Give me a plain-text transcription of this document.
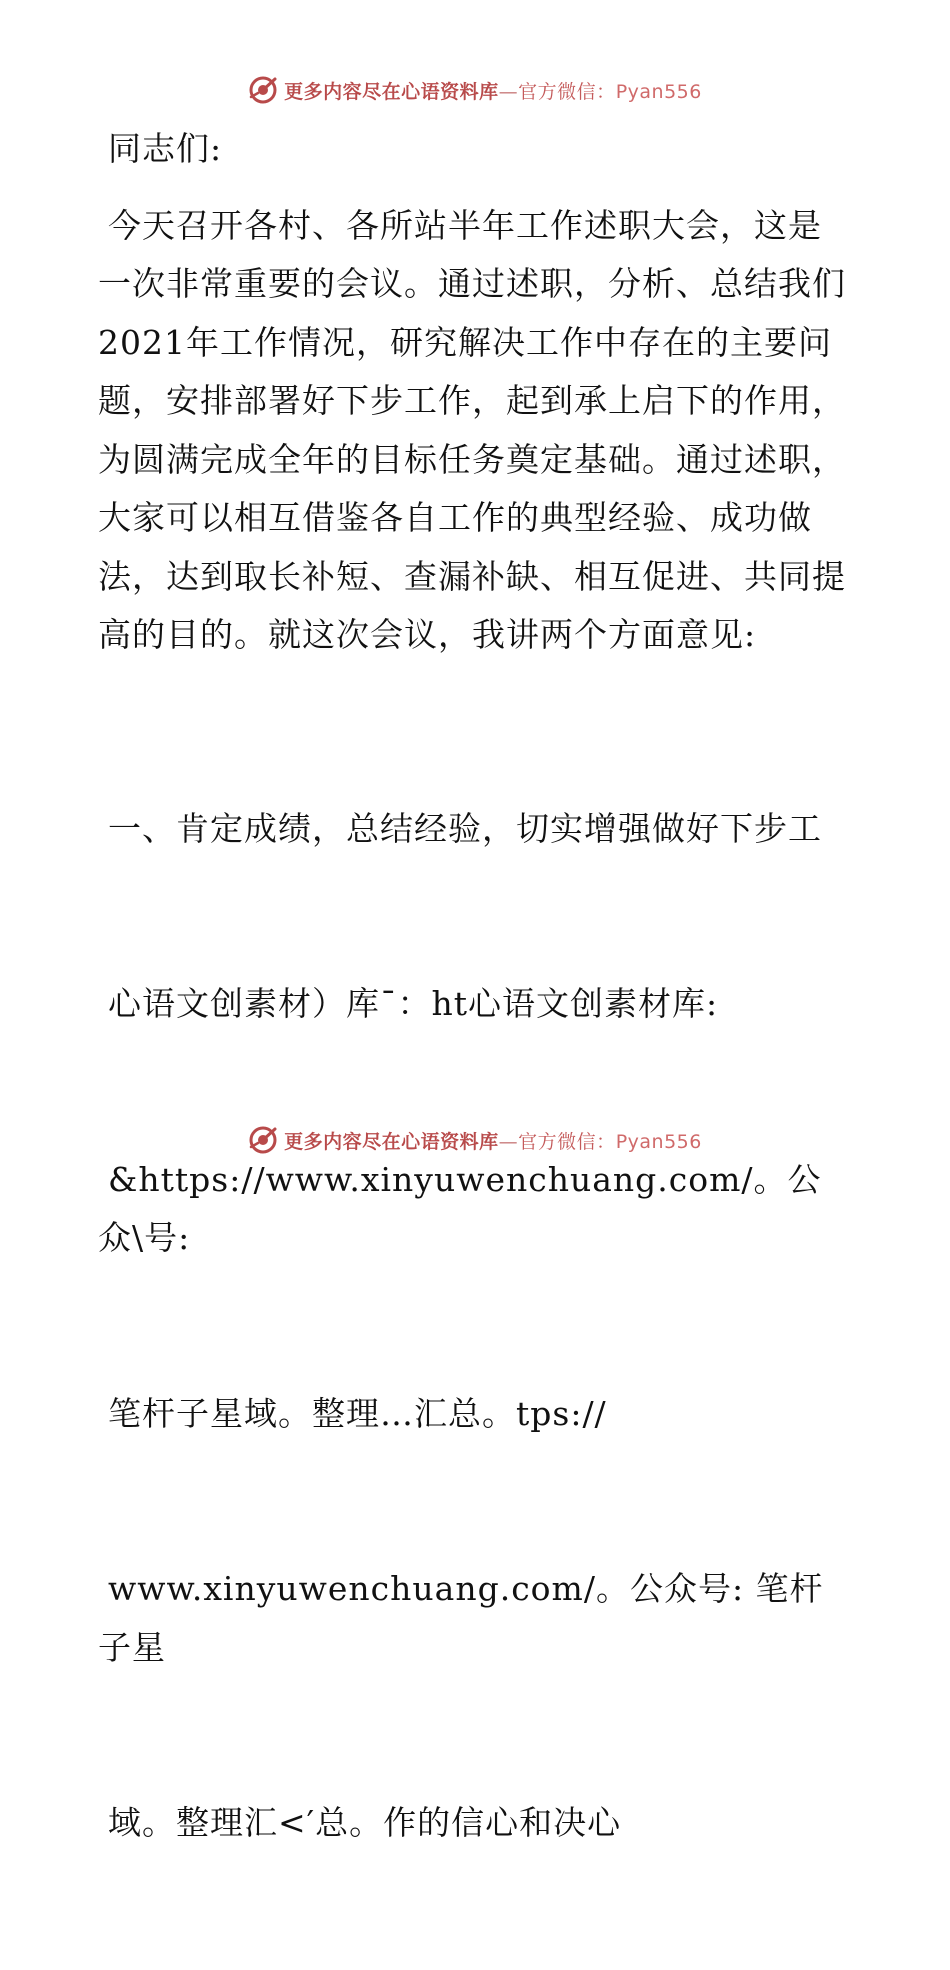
更多内容尽在心语资料库—官方微信：Pyan556

同志们:

今天召开各村、各所站半年工作述职大会，这是一次非常重要的会议。通过述职，分析、总结我们2021年工作情况，研究解决工作中存在的主要问题，安排部署好下步工作，起到承上启下的作用，为圆满完成全年的目标任务奠定基础。通过述职，大家可以相互借鉴各自工作的典型经验、成功做法，达到取长补短、查漏补缺、相互促进、共同提高的目的。就这次会议，我讲两个方面意见:

一、肯定成绩，总结经验，切实增强做好下步工

心语文创素材）库¯：ht心语文创素材库:

&https://www.xinyuwenchuang.com/。公众\号:

笔杆子星域。整理…汇总。tps://

www.xinyuwenchuang.com/。公众号: 笔杆子星

域。整理汇<′总。作的信心和决心

更多内容尽在心语资料库—官方微信：Pyan556
